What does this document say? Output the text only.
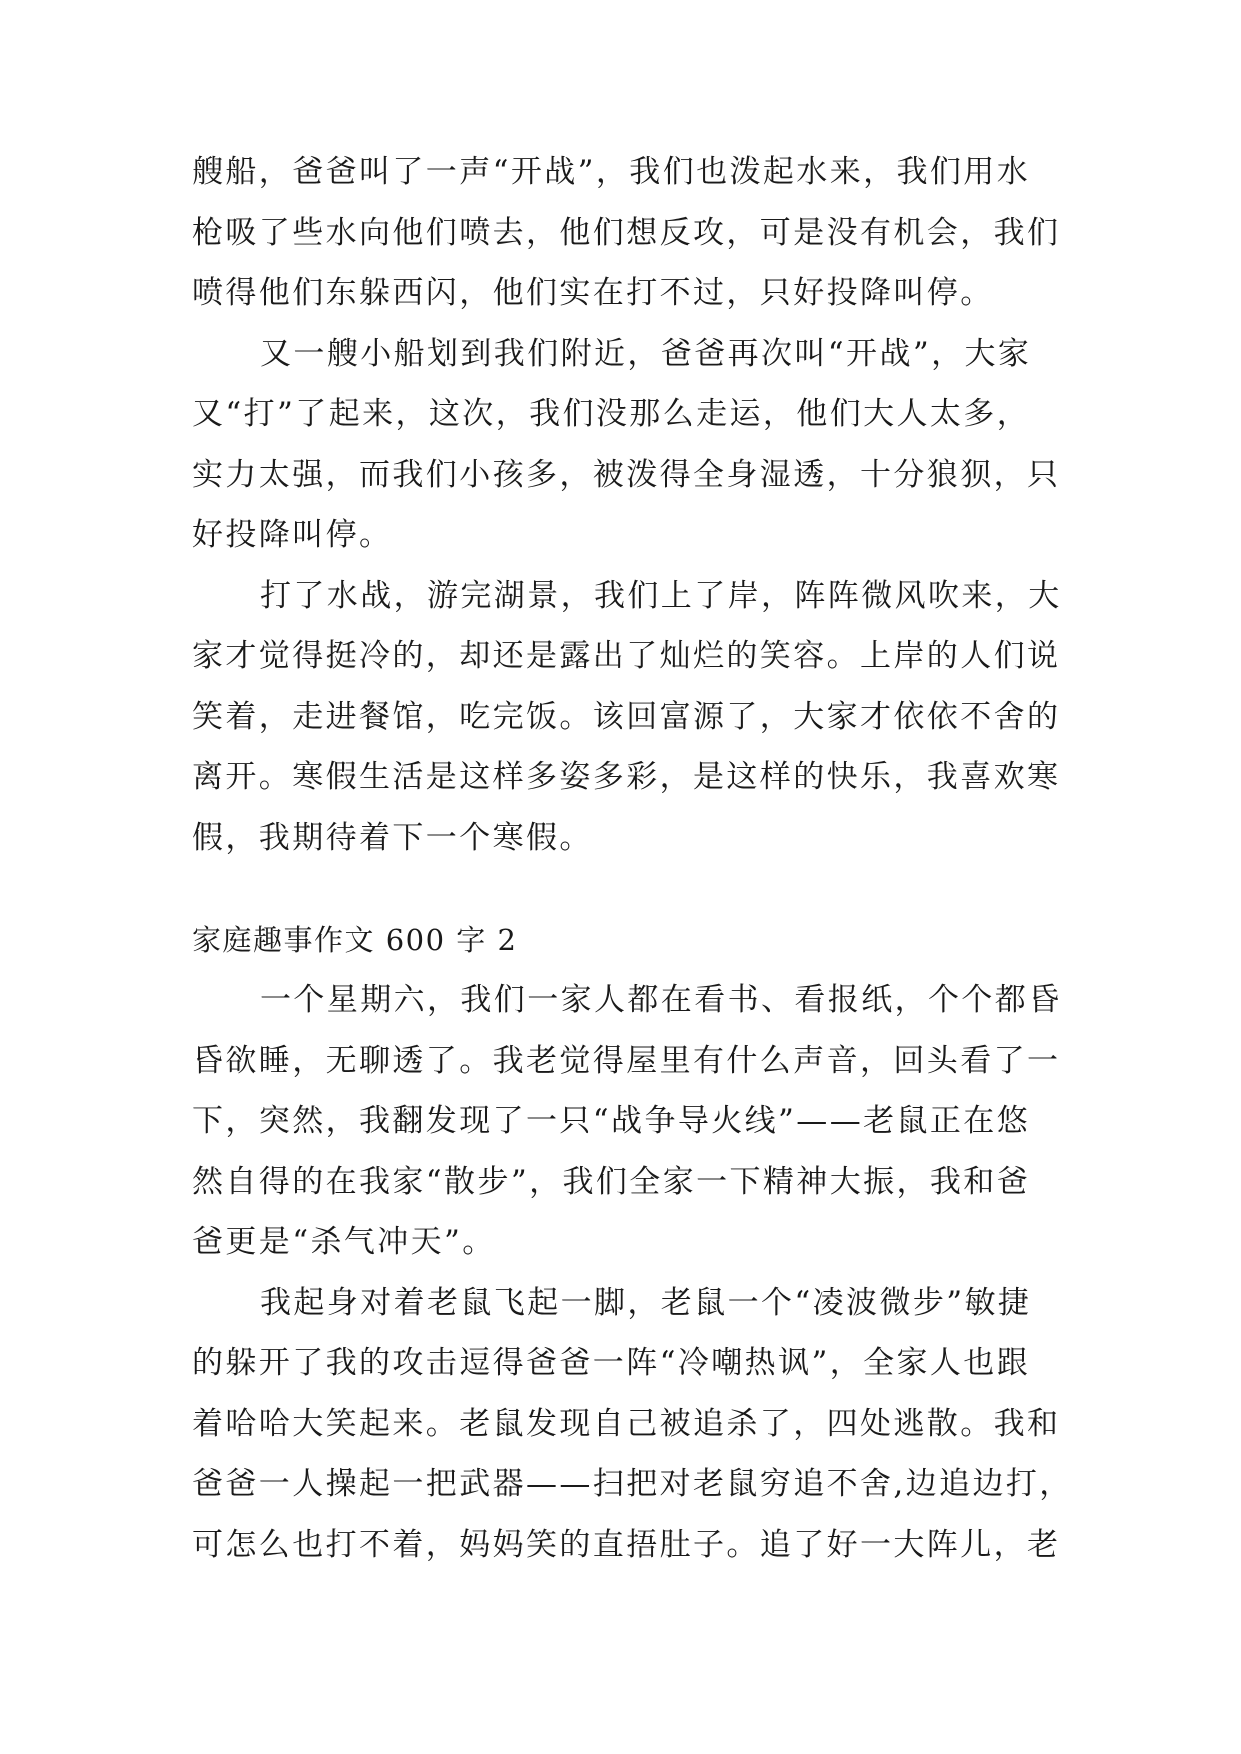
艘船，爸爸叫了一声“开战”，我们也泼起水来，我们用水
枪吸了些水向他们喷去，他们想反攻，可是没有机会，我们
喷得他们东躲西闪，他们实在打不过，只好投降叫停。
又一艘小船划到我们附近，爸爸再次叫“开战”，大家
又“打”了起来，这次，我们没那么走运，他们大人太多，
实力太强，而我们小孩多，被泼得全身湿透，十分狼狈，只
好投降叫停。
打了水战，游完湖景，我们上了岸，阵阵微风吹来，大
家才觉得挺冷的，却还是露出了灿烂的笑容。上岸的人们说
笑着，走进餐馆，吃完饭。该回富源了，大家才依依不舍的
离开。寒假生活是这样多姿多彩，是这样的快乐，我喜欢寒
假，我期待着下一个寒假。
家庭趣事作文 600 字 2
一个星期六，我们一家人都在看书、看报纸，个个都昏
昏欲睡，无聊透了。我老觉得屋里有什么声音，回头看了一
下，突然，我翻发现了一只“战争导火线”——老鼠正在悠
然自得的在我家“散步”，我们全家一下精神大振，我和爸
爸更是“杀气冲天”。
我起身对着老鼠飞起一脚，老鼠一个“凌波微步”敏捷
的躲开了我的攻击逗得爸爸一阵“冷嘲热讽”，全家人也跟
着哈哈大笑起来。老鼠发现自己被追杀了，四处逃散。我和
爸爸一人操起一把武器——扫把对老鼠穷追不舍,边追边打，
可怎么也打不着，妈妈笑的直捂肚子。追了好一大阵儿，老
